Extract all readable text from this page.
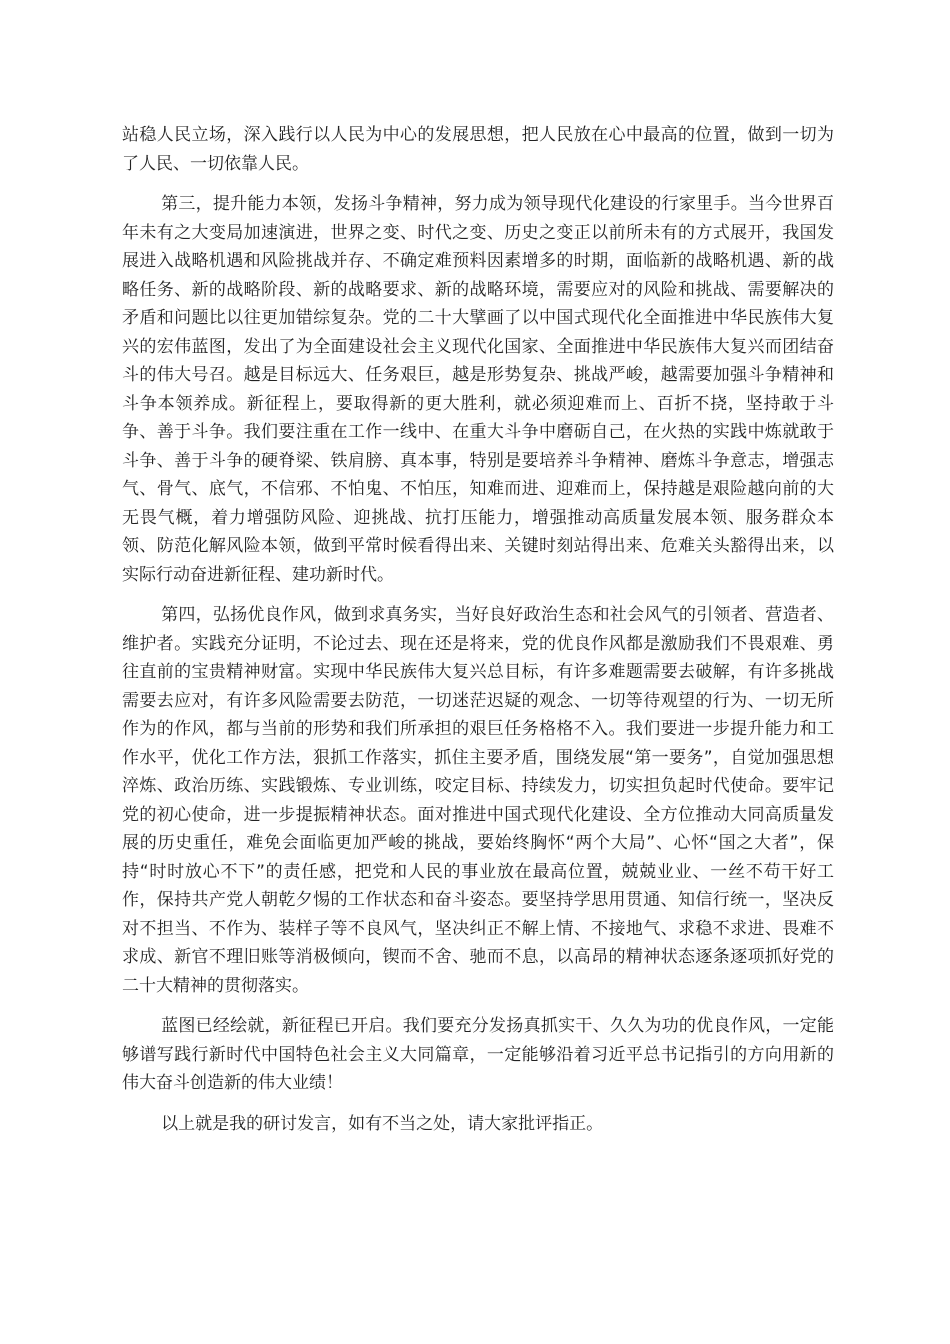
站稳人民立场，深入践行以人民为中心的发展思想，把人民放在心中最高的位置，做到一切为了人民、一切依靠人民。

第三，提升能力本领，发扬斗争精神，努力成为领导现代化建设的行家里手。当今世界百年未有之大变局加速演进，世界之变、时代之变、历史之变正以前所未有的方式展开，我国发展进入战略机遇和风险挑战并存、不确定难预料因素增多的时期，面临新的战略机遇、新的战略任务、新的战略阶段、新的战略要求、新的战略环境，需要应对的风险和挑战、需要解决的矛盾和问题比以往更加错综复杂。党的二十大擘画了以中国式现代化全面推进中华民族伟大复兴的宏伟蓝图，发出了为全面建设社会主义现代化国家、全面推进中华民族伟大复兴而团结奋斗的伟大号召。越是目标远大、任务艰巨，越是形势复杂、挑战严峻，越需要加强斗争精神和斗争本领养成。新征程上，要取得新的更大胜利，就必须迎难而上、百折不挠，坚持敢于斗争、善于斗争。我们要注重在工作一线中、在重大斗争中磨砺自己，在火热的实践中炼就敢于斗争、善于斗争的硬脊梁、铁肩膀、真本事，特别是要培养斗争精神、磨炼斗争意志，增强志气、骨气、底气，不信邪、不怕鬼、不怕压，知难而进、迎难而上，保持越是艰险越向前的大无畏气概，着力增强防风险、迎挑战、抗打压能力，增强推动高质量发展本领、服务群众本领、防范化解风险本领，做到平常时候看得出来、关键时刻站得出来、危难关头豁得出来，以实际行动奋进新征程、建功新时代。

第四，弘扬优良作风，做到求真务实，当好良好政治生态和社会风气的引领者、营造者、维护者。实践充分证明，不论过去、现在还是将来，党的优良作风都是激励我们不畏艰难、勇往直前的宝贵精神财富。实现中华民族伟大复兴总目标，有许多难题需要去破解，有许多挑战需要去应对，有许多风险需要去防范，一切迷茫迟疑的观念、一切等待观望的行为、一切无所作为的作风，都与当前的形势和我们所承担的艰巨任务格格不入。我们要进一步提升能力和工作水平，优化工作方法，狠抓工作落实，抓住主要矛盾，围绕发展“第一要务”，自觉加强思想淬炼、政治历练、实践锻炼、专业训练，咬定目标、持续发力，切实担负起时代使命。要牢记党的初心使命，进一步提振精神状态。面对推进中国式现代化建设、全方位推动大同高质量发展的历史重任，难免会面临更加严峻的挑战，要始终胸怀“两个大局”、心怀“国之大者”，保持“时时放心不下”的责任感，把党和人民的事业放在最高位置，兢兢业业、一丝不苟干好工作，保持共产党人朝乾夕惕的工作状态和奋斗姿态。要坚持学思用贯通、知信行统一，坚决反对不担当、不作为、装样子等不良风气，坚决纠正不解上情、不接地气、求稳不求进、畏难不求成、新官不理旧账等消极倾向，锲而不舍、驰而不息，以高昂的精神状态逐条逐项抓好党的二十大精神的贯彻落实。

蓝图已经绘就，新征程已开启。我们要充分发扬真抓实干、久久为功的优良作风，一定能够谱写践行新时代中国特色社会主义大同篇章，一定能够沿着习近平总书记指引的方向用新的伟大奋斗创造新的伟大业绩！

以上就是我的研讨发言，如有不当之处，请大家批评指正。
